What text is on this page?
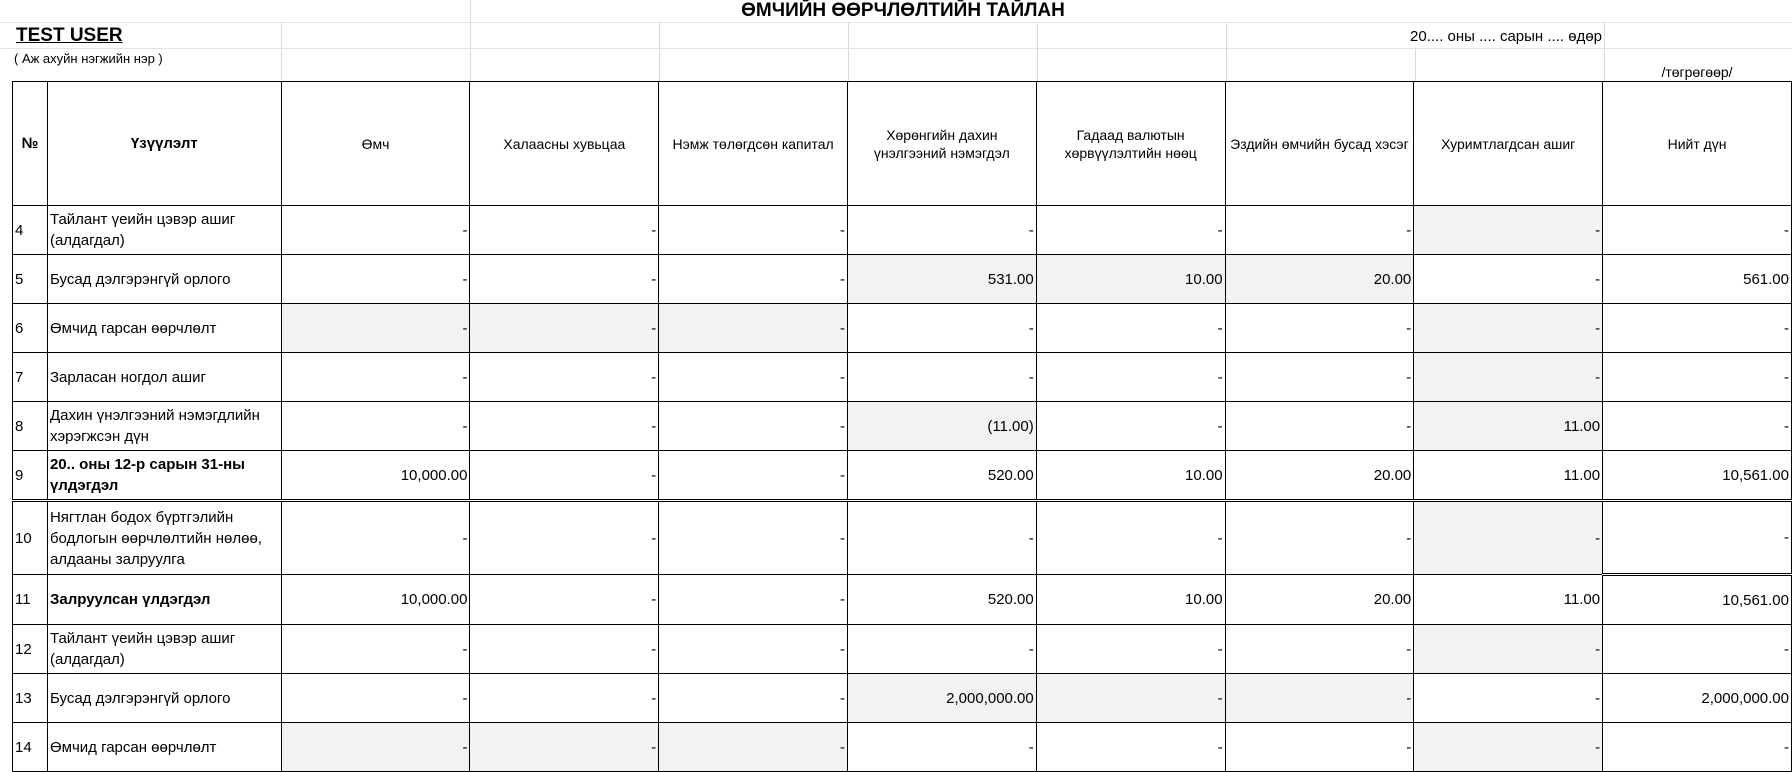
ӨМЧИЙН ӨӨРЧЛӨЛТИЙН ТАЙЛАН
TEST USER
( Аж ахуйн нэгжийн нэр )
20.... оны .... сарын .... өдөр
/төгрөгөөр/
№	Үзүүлэлт	Өмч	Халаасны хувьцаа	Нэмж төлөгдсөн капитал	Хөрөнгийн дахин үнэлгээний нэмэгдэл	Гадаад валютын хөрвүүлэлтийн нөөц	Эздийн өмчийн бусад хэсэг	Хуримтлагдсан ашиг	Нийт дүн
4	Тайлант үеийн цэвэр ашиг (алдагдал)	-	-	-	-	-	-	-	-
5	Бусад дэлгэрэнгүй орлого	-	-	-	531.00	10.00	20.00	-	561.00
6	Өмчид гарсан өөрчлөлт	-	-	-	-	-	-	-	-
7	Зарласан ногдол ашиг	-	-	-	-	-	-	-	-
8	Дахин үнэлгээний нэмэгдлийн хэрэгжсэн дүн	-	-	-	(11.00)	-	-	11.00	-
9	20.. оны 12-р сарын 31-ны үлдэгдэл	10,000.00	-	-	520.00	10.00	20.00	11.00	10,561.00
10	Нягтлан бодох бүртгэлийн бодлогын өөрчлөлтийн нөлөө, алдааны залруулга	-	-	-	-	-	-	-	-
11	Залруулсан үлдэгдэл	10,000.00	-	-	520.00	10.00	20.00	11.00	10,561.00
12	Тайлант үеийн цэвэр ашиг (алдагдал)	-	-	-	-	-	-	-	-
13	Бусад дэлгэрэнгүй орлого	-	-	-	2,000,000.00	-	-	-	2,000,000.00
14	Өмчид гарсан өөрчлөлт	-	-	-	-	-	-	-	-
